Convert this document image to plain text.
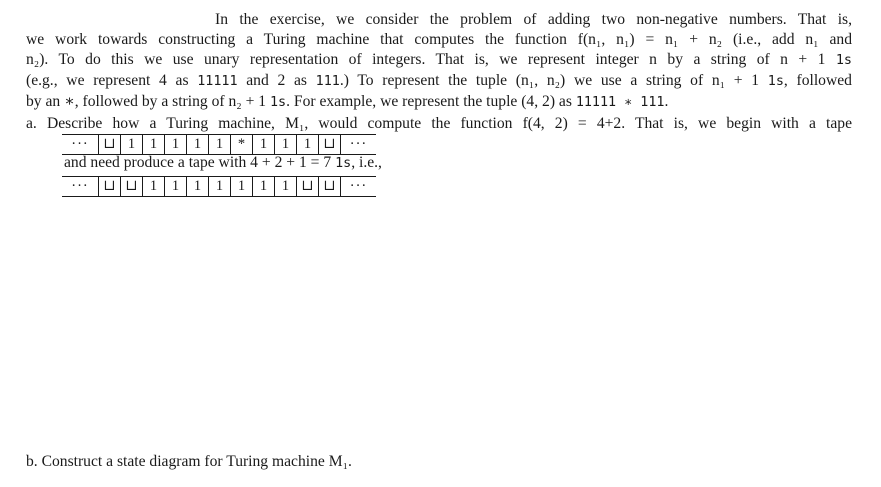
In the exercise, we consider the problem of adding two non-negative numbers. That is,
we work towards constructing a Turing machine that computes the function f(n₁, n₁) = n₁ + n₂ (i.e., add n₁ and
n₂). To do this we use unary representation of integers. That is, we represent integer n by a string of n + 1 1s
(e.g., we represent 4 as 11111 and 2 as 111.) To represent the tuple (n₁, n₂) we use a string of n₁ + 1 1s, followed
by an ∗, followed by a string of n₂ + 1 1s. For example, we represent the tuple (4, 2) as 11111 ∗ 111.
a. Describe how a Turing machine, M₁, would compute the function f(4, 2) = 4+2. That is, we begin with a tape
···	⊔ 1	1	1	1	1	*	1	1	1 ⊔ ···
and need produce a tape with 4 + 2 + 1 = 7 1s, i.e.,
···	⊔ ⊔ 1	1	1	1	1	1	1 ⊔ ⊔ ···
b. Construct a state diagram for Turing machine M₁.
